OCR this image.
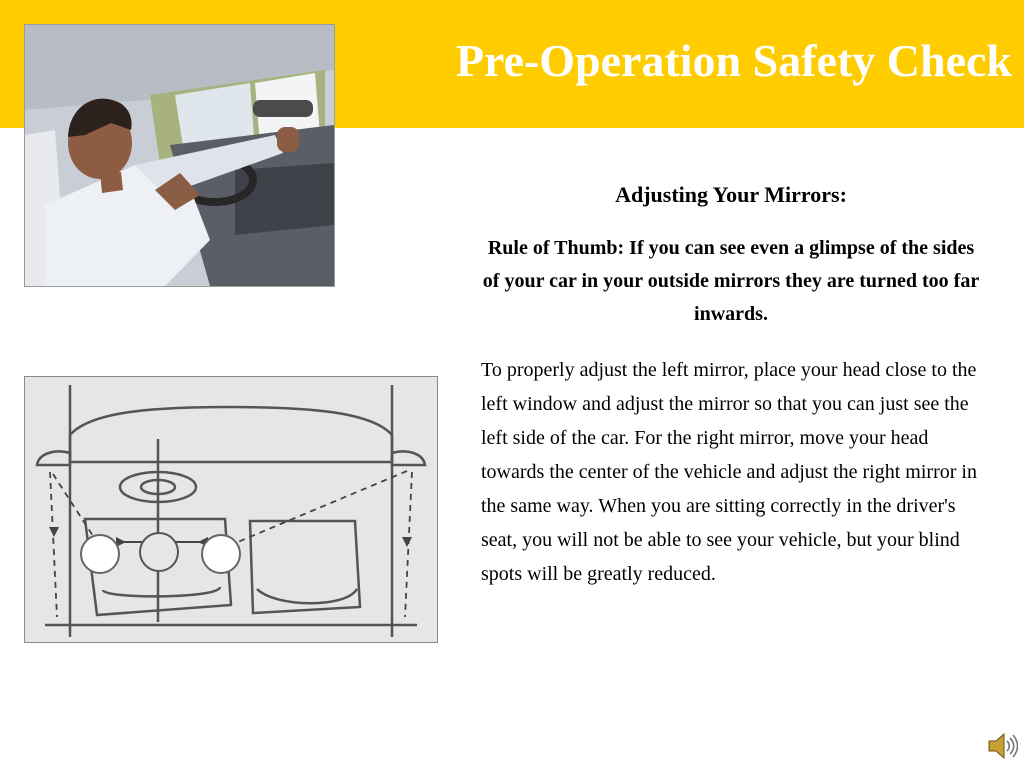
Pre-Operation Safety Check
Adjusting Your Mirrors:

Rule of Thumb: If you can see even a glimpse of the sides of your car in your outside mirrors they are turned too far inwards.

To properly adjust the left mirror, place your head close to the left window and adjust the mirror so that you can just see the left side of the car. For the right mirror, move your head towards the center of the vehicle and adjust the right mirror in the same way. When you are sitting correctly in the driver's seat, you will not be able to see your vehicle, but your blind spots will be greatly reduced.
